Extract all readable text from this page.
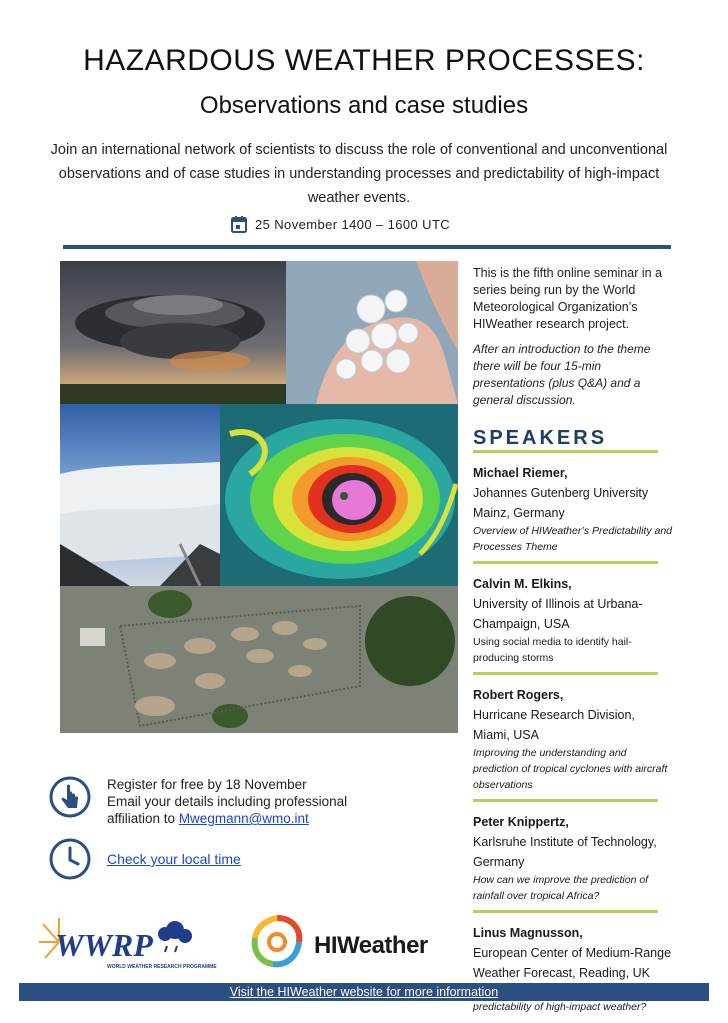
HAZARDOUS WEATHER PROCESSES:
Observations and case studies
Join an international network of scientists to discuss the role of conventional and unconventional observations and of case studies in understanding processes and predictability of high-impact weather events.
25 November 1400 – 1600 UTC
This is the fifth online seminar in a series being run by the World Meteorological Organization’s HIWeather research project.
After an introduction to the theme there will be four 15-min presentations (plus Q&A) and a general discussion.
SPEAKERS
Michael Riemer,
Johannes Gutenberg University Mainz, Germany
Overview of HIWeather’s Predictability and Processes Theme
Calvin M. Elkins,
University of Illinois at Urbana-Champaign, USA
Using social media to identify hail-producing storms
Robert Rogers,
Hurricane Research Division, Miami, USA
Improving the understanding and prediction of tropical cyclones with aircraft observations
Peter Knippertz,
Karlsruhe Institute of Technology, Germany
How can we improve the prediction of rainfall over tropical Africa?
Linus Magnusson,
European Center of Medium-Range Weather Forecast, Reading, UK
predictability of high-impact weather?
Register for free by 18 November
Email your details including professional
affiliation to Mwegmann@wmo.int
Check your local time
WWRP
WORLD WEATHER RESEARCH PROGRAMME
HIWeather
Visit the HIWeather website for more information
